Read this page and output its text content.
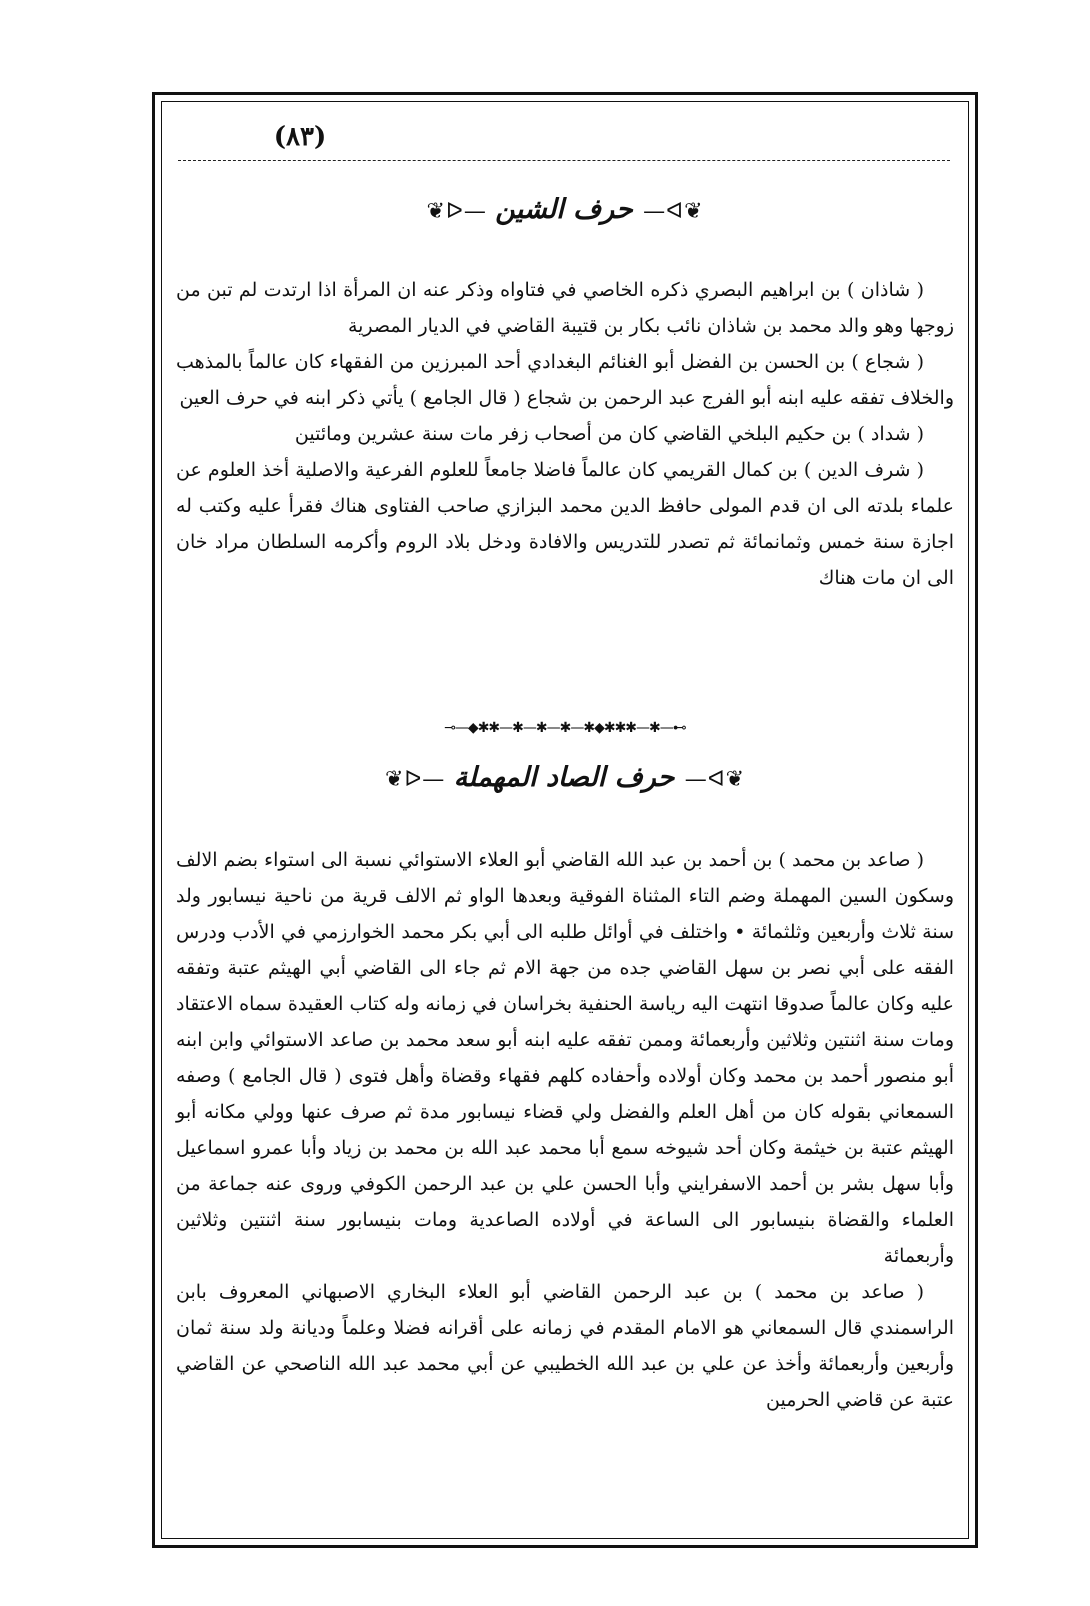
(٨٣)
❦ᐊ— حرف الشين —ᐅ❦

( شاذان ) بن ابراهيم البصري ذكره الخاصي في فتاواه وذكر عنه ان المرأة اذا ارتدت لم تبن من زوجها وهو والد محمد بن شاذان نائب بكار بن قتيبة القاضي في الديار المصرية

( شجاع ) بن الحسن بن الفضل أبو الغنائم البغدادي أحد المبرزين من الفقهاء كان عالماً بالمذهب والخلاف تفقه عليه ابنه أبو الفرج عبد الرحمن بن شجاع ( قال الجامع ) يأتي ذكر ابنه في حرف العين

( شداد ) بن حكيم البلخي القاضي كان من أصحاب زفر مات سنة عشرين ومائتين

( شرف الدين ) بن كمال القريمي كان عالماً فاضلا جامعاً للعلوم الفرعية والاصلية أخذ العلوم عن علماء بلدته الى ان قدم المولى حافظ الدين محمد البزازي صاحب الفتاوى هناك فقرأ عليه وكتب له اجازة سنة خمس وثمانمائة ثم تصدر للتدريس والافادة ودخل بلاد الروم وأكرمه السلطان مراد خان الى ان مات هناك

⊸—◆✱✱—✱—✱—✱—✱◆✱✱✱—✱—⊷
❦ᐊ— حرف الصاد المهملة —ᐅ❦

( صاعد بن محمد ) بن أحمد بن عبد الله القاضي أبو العلاء الاستوائي نسبة الى استواء بضم الالف وسكون السين المهملة وضم التاء المثناة الفوقية وبعدها الواو ثم الالف قرية من ناحية نيسابور ولد سنة ثلاث وأربعين وثلثمائة • واختلف في أوائل طلبه الى أبي بكر محمد الخوارزمي في الأدب ودرس الفقه على أبي نصر بن سهل القاضي جده من جهة الام ثم جاء الى القاضي أبي الهيثم عتبة وتفقه عليه وكان عالماً صدوقا انتهت اليه رياسة الحنفية بخراسان في زمانه وله كتاب العقيدة سماه الاعتقاد ومات سنة اثنتين وثلاثين وأربعمائة وممن تفقه عليه ابنه أبو سعد محمد بن صاعد الاستوائي وابن ابنه أبو منصور أحمد بن محمد وكان أولاده وأحفاده كلهم فقهاء وقضاة وأهل فتوى ( قال الجامع ) وصفه السمعاني بقوله كان من أهل العلم والفضل ولي قضاء نيسابور مدة ثم صرف عنها وولي مكانه أبو الهيثم عتبة بن خيثمة وكان أحد شيوخه سمع أبا محمد عبد الله بن محمد بن زياد وأبا عمرو اسماعيل وأبا سهل بشر بن أحمد الاسفرايني وأبا الحسن علي بن عبد الرحمن الكوفي وروى عنه جماعة من العلماء والقضاة بنيسابور الى الساعة في أولاده الصاعدية ومات بنيسابور سنة اثنتين وثلاثين وأربعمائة

( صاعد بن محمد ) بن عبد الرحمن القاضي أبو العلاء البخاري الاصبهاني المعروف بابن الراسمندي قال السمعاني هو الامام المقدم في زمانه على أقرانه فضلا وعلماً وديانة ولد سنة ثمان وأربعين وأربعمائة وأخذ عن علي بن عبد الله الخطيبي عن أبي محمد عبد الله الناصحي عن القاضي عتبة عن قاضي الحرمين
